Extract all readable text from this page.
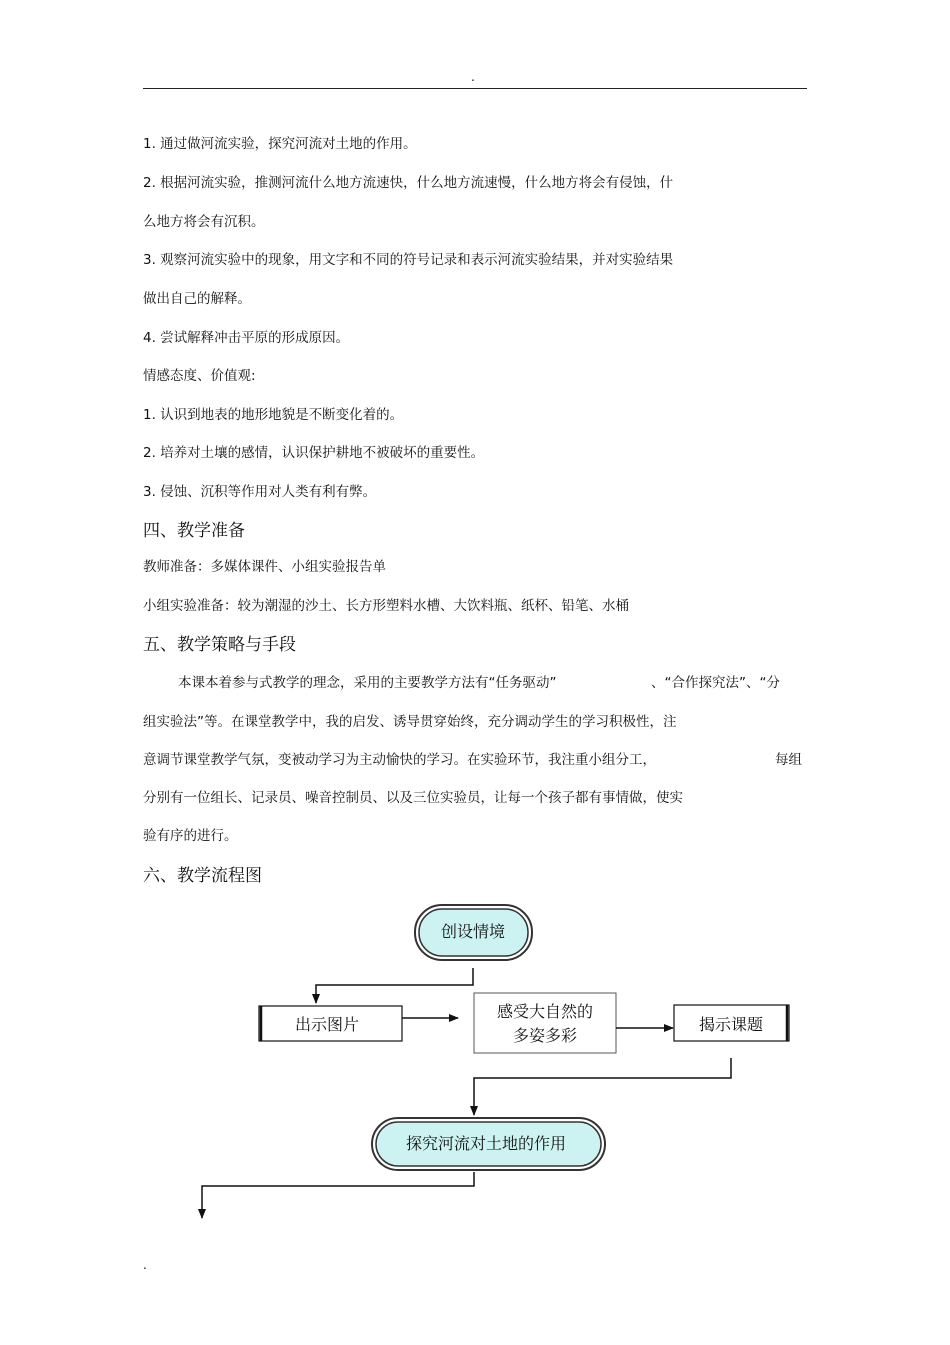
.
1. 通过做河流实验，探究河流对土地的作用。
2. 根据河流实验，推测河流什么地方流速快，什么地方流速慢，什么地方将会有侵蚀，什
么地方将会有沉积。
3. 观察河流实验中的现象，用文字和不同的符号记录和表示河流实验结果，并对实验结果
做出自己的解释。
4. 尝试解释冲击平原的形成原因。
情感态度、价值观:
1. 认识到地表的地形地貌是不断变化着的。
2. 培养对土壤的感情，认识保护耕地不被破坏的重要性。
3. 侵蚀、沉积等作用对人类有利有弊。
四、教学准备
教师准备：多媒体课件、小组实验报告单
小组实验准备：较为潮湿的沙土、长方形塑料水槽、大饮料瓶、纸杯、铅笔、水桶
五、教学策略与手段
本课本着参与式教学的理念，采用的主要教学方法有“任务驱动”	、“合作探究法”、“分
组实验法”等。在课堂教学中，我的启发、诱导贯穿始终，充分调动学生的学习积极性，注
意调节课堂教学气氛，变被动学习为主动愉快的学习。在实验环节，我注重小组分工，	每组
分别有一位组长、记录员、噪音控制员、以及三位实验员，让每一个孩子都有事情做，使实
验有序的进行。
六、教学流程图
创设情境
出示图片
感受大自然的
多姿多彩
揭示课题
探究河流对土地的作用
.
